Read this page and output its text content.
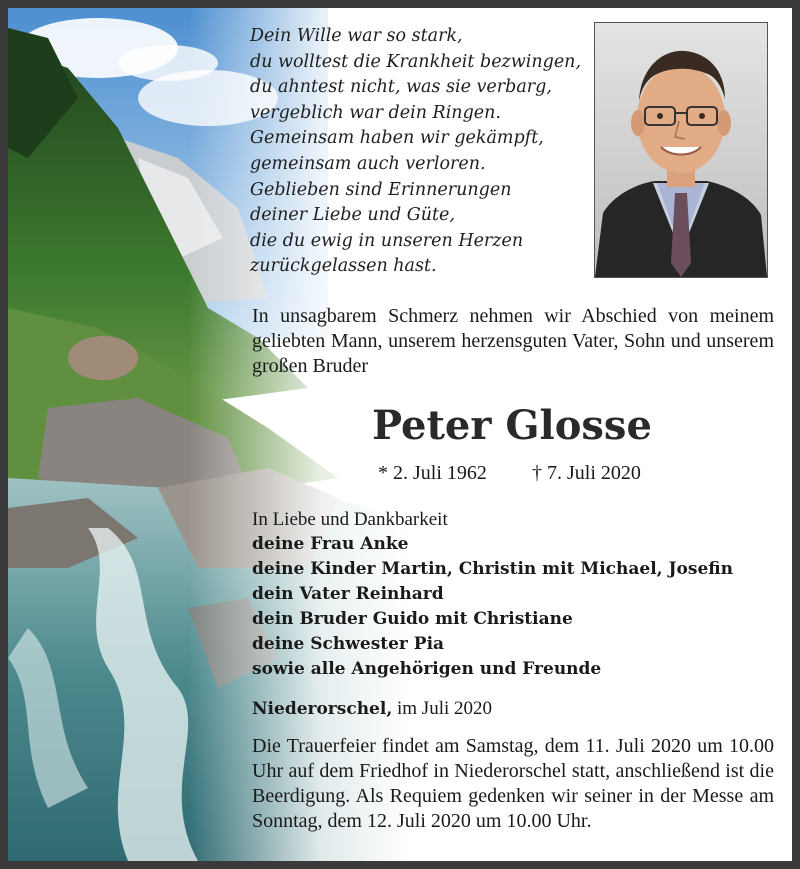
Dein Wille war so stark,
du wolltest die Krankheit bezwingen,
du ahntest nicht, was sie verbarg,
vergeblich war dein Ringen.
Gemeinsam haben wir gekämpft,
gemeinsam auch verloren.
Geblieben sind Erinnerungen
deiner Liebe und Güte,
die du ewig in unseren Herzen
zurückgelassen hast.
In unsagbarem Schmerz nehmen wir Abschied von meinem geliebten Mann, unserem herzensguten Vater, Sohn und unserem großen Bruder
Peter Glosse
* 2. Juli 1962 † 7. Juli 2020
In Liebe und Dankbarkeit
deine Frau Anke
deine Kinder Martin, Christin mit Michael, Josefin
dein Vater Reinhard
dein Bruder Guido mit Christiane
deine Schwester Pia
sowie alle Angehörigen und Freunde
Niederorschel, im Juli 2020
Die Trauerfeier findet am Samstag, dem 11. Juli 2020 um 10.00 Uhr auf dem Friedhof in Niederorschel statt, anschließend ist die Beerdigung. Als Requiem gedenken wir seiner in der Messe am Sonntag, dem 12. Juli 2020 um 10.00 Uhr.
